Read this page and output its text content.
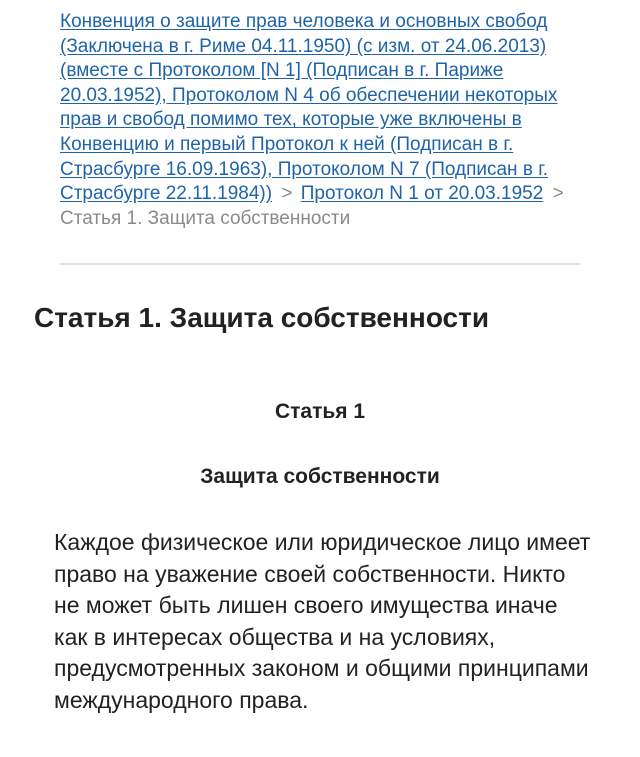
Конвенция о защите прав человека и основных свобод (Заключена в г. Риме 04.11.1950) (с изм. от 24.06.2013) (вместе с Протоколом [N 1] (Подписан в г. Париже 20.03.1952), Протоколом N 4 об обеспечении некоторых прав и свобод помимо тех, которые уже включены в Конвенцию и первый Протокол к ней (Подписан в г. Страсбурге 16.09.1963), Протоколом N 7 (Подписан в г. Страсбурге 22.11.1984)) > Протокол N 1 от 20.03.1952 > Статья 1. Защита собственности
Статья 1. Защита собственности
Статья 1
Защита собственности

Каждое физическое или юридическое лицо имеет право на уважение своей собственности. Никто не может быть лишен своего имущества иначе как в интересах общества и на условиях, предусмотренных законом и общими принципами международного права.
